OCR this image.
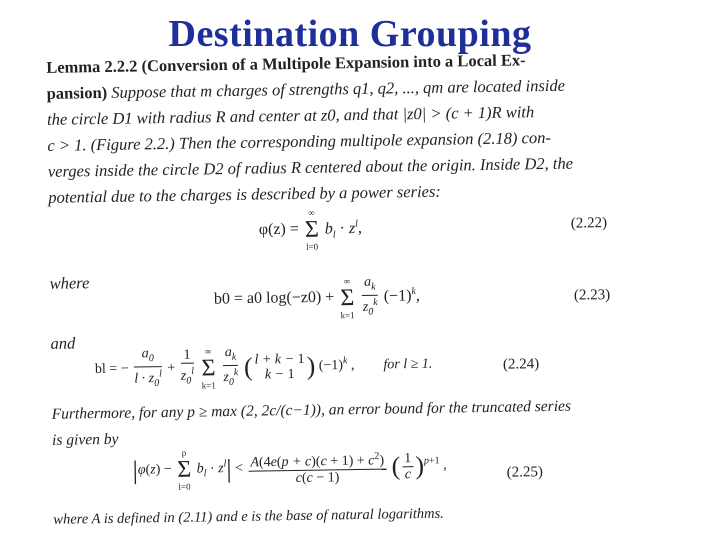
Destination Grouping
Lemma 2.2.2 (Conversion of a Multipole Expansion into a Local Ex-
pansion) Suppose that m charges of strengths q1, q2, ..., qm are located inside
the circle D1 with radius R and center at z0, and that |z0| > (c + 1)R with
c > 1. (Figure 2.2.) Then the corresponding multipole expansion (2.18) con-
verges inside the circle D2 of radius R centered about the origin. Inside D2, the
potential due to the charges is described by a power series:
φ(z) =
∞
Σ
l=0
$b_l \cdot z^l$,	(2.22)
where
b0 = a0 log(−z0) +
∞
Σ
k=1
$\frac{a_k}{z_0^k} (-1)^k$,	(2.23)
and
bl = − $\frac{a_0}{l \cdot z_0^l} + \frac{1}{z_0^l}$
	∞
Σ
k=1
$\frac{a_k}{z_0^k}$ ( l + k − 1
k − 1 ) $(-1)^k$ ,  for l ≥ 1.	(2.24)
Furthermore, for any p ≥ max (2, 2c/(c−1)), an error bound for the truncated series
is given by
|φ(z) −
p
Σ
l=0
$b_l \cdot z^l| < \frac{A(4e(p + c)(c + 1) + c^2)}{c(c - 1)}$ ( $\frac{1}{c} )^{p+1}$ ,	(2.25)
where A is defined in (2.11) and e is the base of natural logarithms.
